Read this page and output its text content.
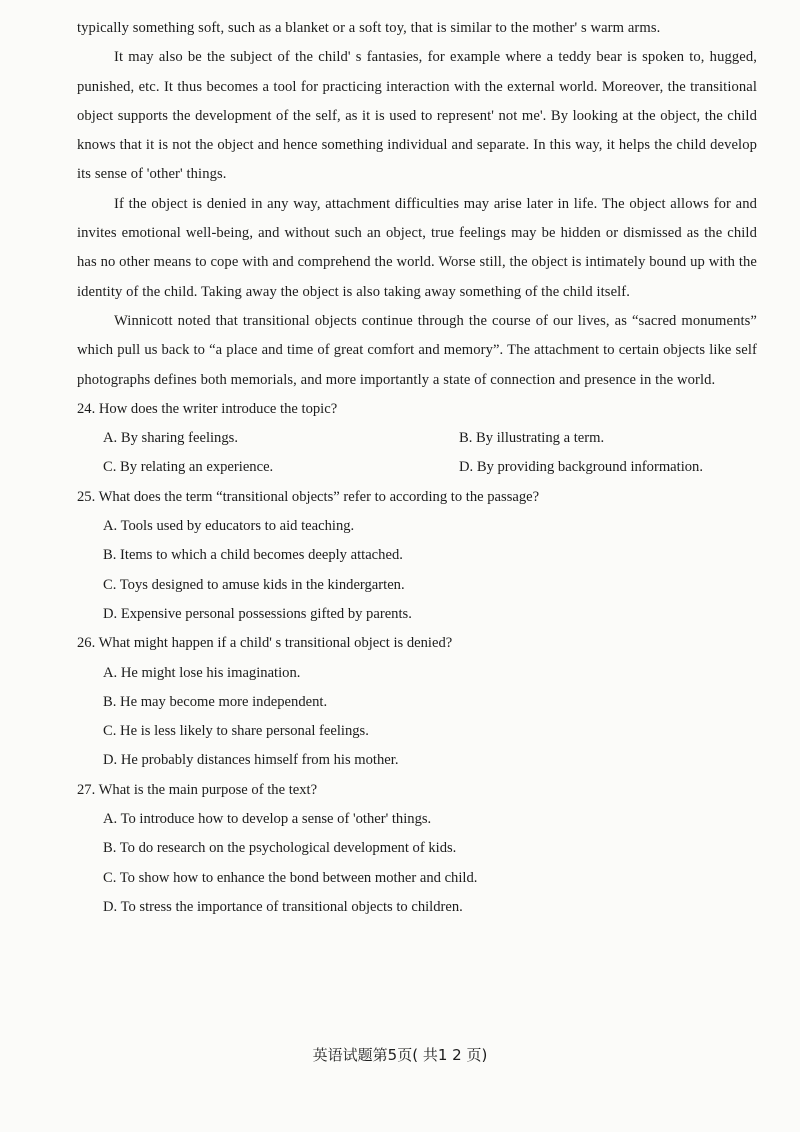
typically something soft, such as a blanket or a soft toy, that is similar to the mother' s warm arms.

It may also be the subject of the child' s fantasies, for example where a teddy bear is spoken to, hugged, punished, etc. It thus becomes a tool for practicing interaction with the external world. Moreover, the transitional object supports the development of the self, as it is used to represent' not me'. By looking at the object, the child knows that it is not the object and hence something individual and separate. In this way, it helps the child develop its sense of 'other' things.

If the object is denied in any way, attachment difficulties may arise later in life. The object allows for and invites emotional well-being, and without such an object, true feelings may be hidden or dismissed as the child has no other means to cope with and comprehend the world. Worse still, the object is intimately bound up with the identity of the child. Taking away the object is also taking away something of the child itself.

Winnicott noted that transitional objects continue through the course of our lives, as “sacred monuments” which pull us back to “a place and time of great comfort and memory”. The attachment to certain objects like self photographs defines both memorials, and more importantly a state of connection and presence in the world.

24. How does the writer introduce the topic?

A. By sharing feelings.	B. By illustrating a term.
C. By relating an experience.	D. By providing background information.

25. What does the term “transitional objects” refer to according to the passage?

A. Tools used by educators to aid teaching.
B. Items to which a child becomes deeply attached.
C. Toys designed to amuse kids in the kindergarten.
D. Expensive personal possessions gifted by parents.

26. What might happen if a child' s transitional object is denied?

A. He might lose his imagination.
B. He may become more independent.
C. He is less likely to share personal feelings.
D. He probably distances himself from his mother.

27. What is the main purpose of the text?

A. To introduce how to develop a sense of 'other' things.
B. To do research on the psychological development of kids.
C. To show how to enhance the bond between mother and child.
D. To stress the importance of transitional objects to children.
英语试题第5页( 共1 2 页)
